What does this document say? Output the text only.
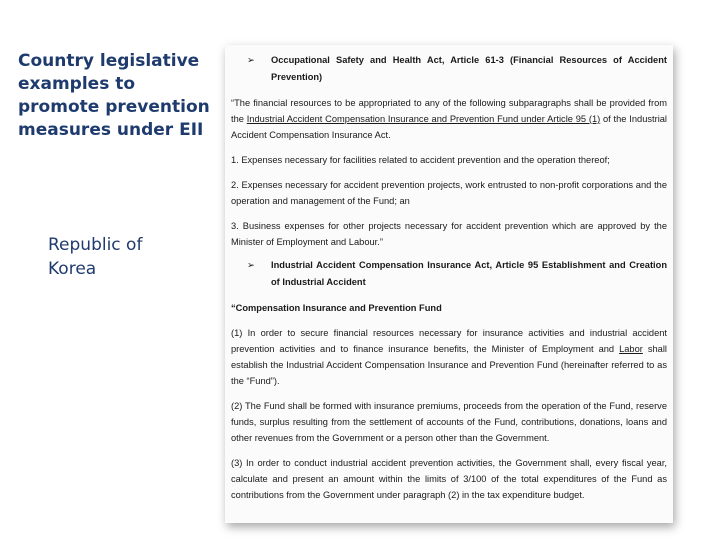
Country legislative examples to promote prevention measures under EII
Republic of Korea
➢	Occupational Safety and Health Act, Article 61-3 (Financial Resources of Accident Prevention)

“The financial resources to be appropriated to any of the following subparagraphs shall be provided from the Industrial Accident Compensation Insurance and Prevention Fund under Article 95 (1) of the Industrial Accident Compensation Insurance Act.

1. Expenses necessary for facilities related to accident prevention and the operation thereof;

2. Expenses necessary for accident prevention projects, work entrusted to non-profit corporations and the operation and management of the Fund; an

3. Business expenses for other projects necessary for accident prevention which are approved by the Minister of Employment and Labour.”

➢	Industrial Accident Compensation Insurance Act, Article 95 Establishment and Creation of Industrial Accident

“Compensation Insurance and Prevention Fund

(1) In order to secure financial resources necessary for insurance activities and industrial accident prevention activities and to finance insurance benefits, the Minister of Employment and Labor shall establish the Industrial Accident Compensation Insurance and Prevention Fund (hereinafter referred to as the “Fund”).

(2) The Fund shall be formed with insurance premiums, proceeds from the operation of the Fund, reserve funds, surplus resulting from the settlement of accounts of the Fund, contributions, donations, loans and other revenues from the Government or a person other than the Government.

(3) In order to conduct industrial accident prevention activities, the Government shall, every fiscal year, calculate and present an amount within the limits of 3/100 of the total expenditures of the Fund as contributions from the Government under paragraph (2) in the tax expenditure budget.
